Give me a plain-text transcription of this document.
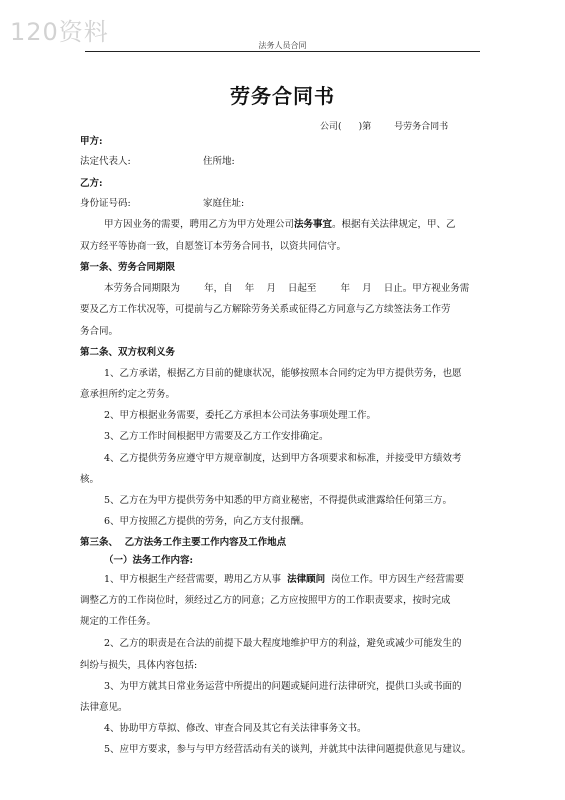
120资料	法务人员合同
劳务合同书
公司(      )第        号劳务合同书
甲方:
法定代表人:	住所地:
乙方:
身份证号码:	家庭住址:
甲方因业务的需要，聘用乙方为甲方处理公司法务事宜。根据有关法律规定，甲、乙
双方经平等协商一致，自愿签订本劳务合同书，以资共同信守。
第一条、劳务合同期限
本劳务合同期限为        年，自    年    月    日起至        年    月    日止。甲方视业务需
要及乙方工作状况等，可提前与乙方解除劳务关系或征得乙方同意与乙方续签法务工作劳
务合同。
第二条、双方权利义务
1、乙方承诺，根据乙方目前的健康状况，能够按照本合同约定为甲方提供劳务，也愿
意承担所约定之劳务。
2、甲方根据业务需要，委托乙方承担本公司法务事项处理工作。
3、乙方工作时间根据甲方需要及乙方工作安排确定。
4、乙方提供劳务应遵守甲方规章制度，达到甲方各项要求和标准，并接受甲方绩效考
核。
5、乙方在为甲方提供劳务中知悉的甲方商业秘密，不得提供或泄露给任何第三方。
6、甲方按照乙方提供的劳务，向乙方支付报酬。
第三条、  乙方法务工作主要工作内容及工作地点
（一）法务工作内容:
1、甲方根据生产经营需要，聘用乙方从事  法律顾问  岗位工作。甲方因生产经营需要
调整乙方的工作岗位时，须经过乙方的同意；乙方应按照甲方的工作职责要求，按时完成
规定的工作任务。
2、乙方的职责是在合法的前提下最大程度地维护甲方的利益，避免或减少可能发生的
纠纷与损失，具体内容包括:
3、为甲方就其日常业务运营中所提出的问题或疑问进行法律研究，提供口头或书面的
法律意见。
4、协助甲方草拟、修改、审查合同及其它有关法律事务文书。
5、应甲方要求，参与与甲方经营活动有关的谈判，并就其中法律问题提供意见与建议。
